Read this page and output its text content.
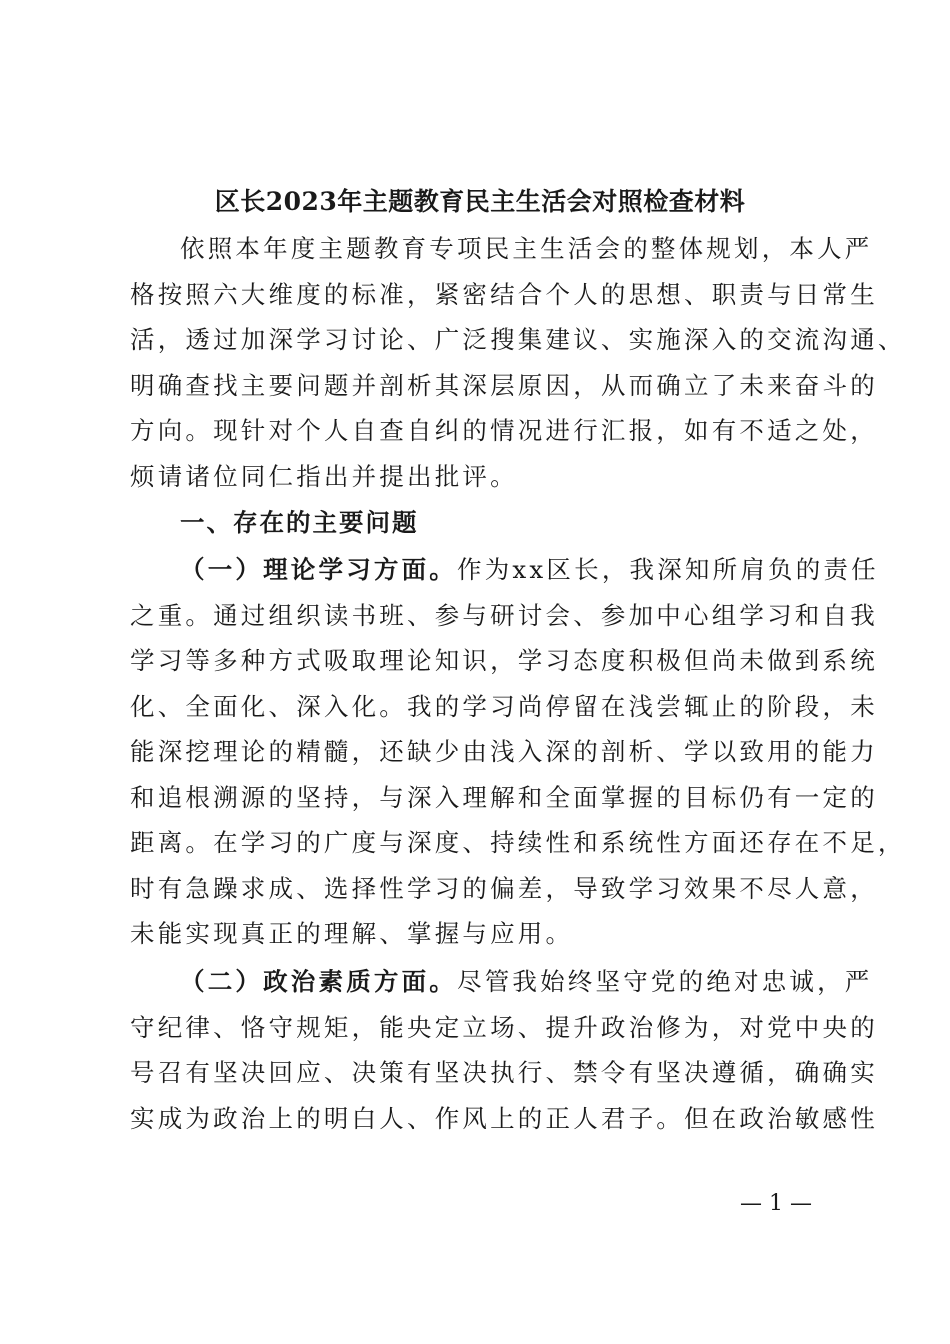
区长2023年主题教育民主生活会对照检查材料
依照本年度主题教育专项民主生活会的整体规划，本人严
格按照六大维度的标准，紧密结合个人的思想、职责与日常生
活，透过加深学习讨论、广泛搜集建议、实施深入的交流沟通、
明确查找主要问题并剖析其深层原因，从而确立了未来奋斗的
方向。现针对个人自查自纠的情况进行汇报，如有不适之处，
烦请诸位同仁指出并提出批评。
一、存在的主要问题
（一）理论学习方面。作为xx区长，我深知所肩负的责任
之重。通过组织读书班、参与研讨会、参加中心组学习和自我
学习等多种方式吸取理论知识，学习态度积极但尚未做到系统
化、全面化、深入化。我的学习尚停留在浅尝辄止的阶段，未
能深挖理论的精髓，还缺少由浅入深的剖析、学以致用的能力
和追根溯源的坚持，与深入理解和全面掌握的目标仍有一定的
距离。在学习的广度与深度、持续性和系统性方面还存在不足，
时有急躁求成、选择性学习的偏差，导致学习效果不尽人意，
未能实现真正的理解、掌握与应用。
（二）政治素质方面。尽管我始终坚守党的绝对忠诚，严
守纪律、恪守规矩，能央定立场、提升政治修为，对党中央的
号召有坚决回应、决策有坚决执行、禁令有坚决遵循，确确实
实成为政治上的明白人、作风上的正人君子。但在政治敏感性
— 1 —
